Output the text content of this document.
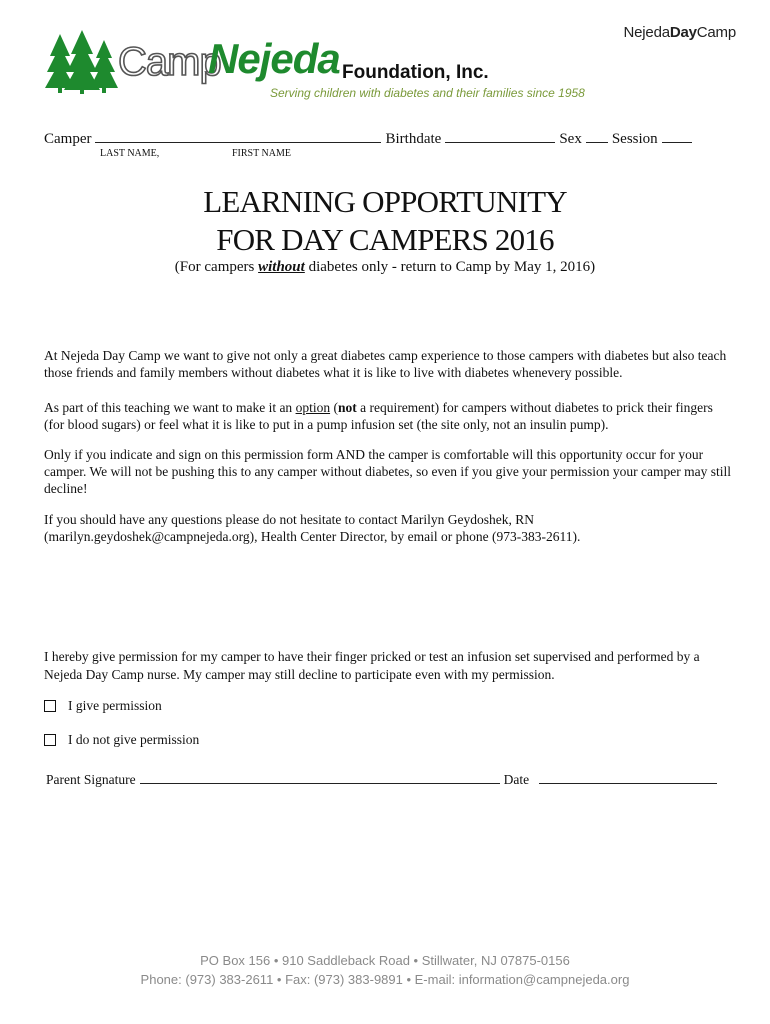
NejedaDayCamp
Camp
Nejeda Foundation, Inc.
Serving children with diabetes and their families since 1958
Camper	Birthdate	Sex Session
LAST NAME,	FIRST NAME
LEARNING OPPORTUNITY
FOR DAY CAMPERS 2016
(For campers without diabetes only - return to Camp by May 1, 2016)
At Nejeda Day Camp we want to give not only a great diabetes camp experience to those campers with diabetes but also teach those friends and family members without diabetes what it is like to live with diabetes whenevery possible.
As part of this teaching we want to make it an option (not a requirement) for campers without diabetes to prick their fingers (for blood sugars) or feel what it is like to put in a pump infusion set (the site only, not an insulin pump).
Only if you indicate and sign on this permission form AND the camper is comfortable will this opportunity occur for your camper. We will not be pushing this to any camper without diabetes, so even if you give your permission your camper may still decline!
If you should have any questions please do not hesitate to contact Marilyn Geydoshek, RN
(marilyn.geydoshek@campnejeda.org), Health Center Director, by email or phone (973-383-2611).
I hereby give permission for my camper to have their finger pricked or test an infusion set supervised and performed by a Nejeda Day Camp nurse. My camper may still decline to participate even with my permission.
I give permission
I do not give permission
Parent Signature	Date
PO Box 156 • 910 Saddleback Road • Stillwater, NJ 07875-0156
Phone: (973) 383-2611 • Fax: (973) 383-9891 • E-mail: information@campnejeda.org
